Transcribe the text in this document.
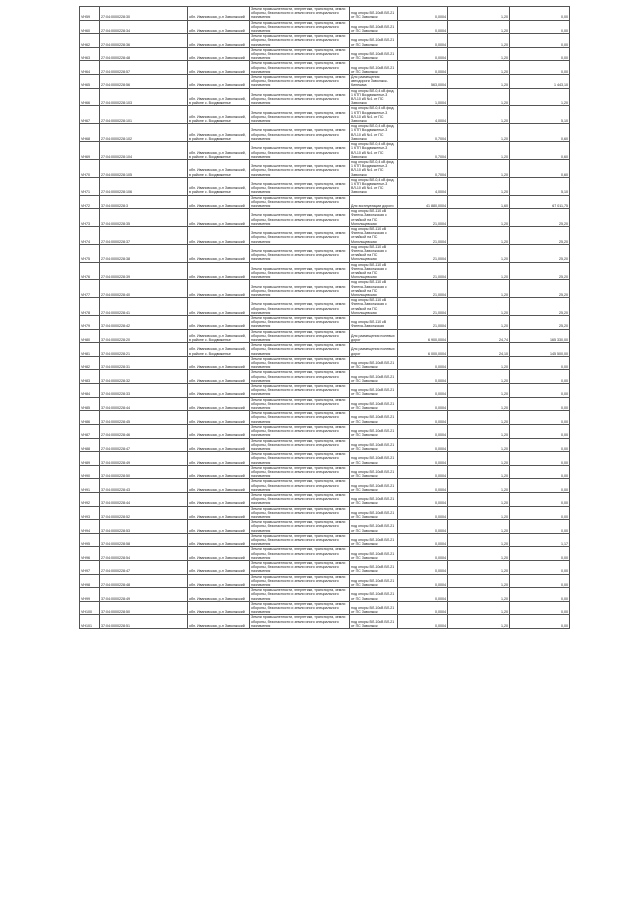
VH59	27:04:0000228:30	обл. Ивановская, р-н Заволжский	Земли промышленности, энергетики, транспорта, земли обороны, безопасности и земли иного специального назначения	под опоры ВЛ-10кВ ВЛ-21 от ПС Заволжск	0,0004	1,20	0,00
VH60	27:04:0000228:34	обл. Ивановская, р-н Заволжский	Земли промышленности, энергетики, транспорта, земли обороны, безопасности и земли иного специального назначения	под опоры ВЛ-10кВ ВЛ-21 от ПС Заволжск	0,0004	1,20	0,00
VH62	27:04:0000228:36	обл. Ивановская, р-н Заволжский	Земли промышленности, энергетики, транспорта, земли обороны, безопасности и земли иного специального назначения	под опоры ВЛ-10кВ ВЛ-21 от ПС Заволжск	0,0004	1,20	0,00
VH63	27:04:0000228:48	обл. Ивановская, р-н Заволжский	Земли промышленности, энергетики, транспорта, земли обороны, безопасности и земли иного специального назначения	под опоры ВЛ-10кВ ВЛ-21 от ПС Заволжск	0,0004	1,20	0,00
VH64	27:04:0000228:57	обл. Ивановская, р-н Заволжский	Земли промышленности, энергетики, транспорта, земли обороны, безопасности и земли иного специального назначения	под опоры ВЛ-10кВ ВЛ-21 от ПС Заволжск	0,0004	1,20	0,00
VH65	27:04:0000228:56	обл. Ивановская, р-н Заволжский	Земли промышленности, энергетики, транспорта, земли обороны, безопасности и земли иного специального назначения	Для размещения автодороги Заволжск-Кинешма	563,0004	1,20	1 443,10
VH66	27:04:0000228:103	обл. Ивановская, р-н Заволжский, в районе с. Воздвиженье	Земли промышленности, энергетики, транспорта, земли обороны, безопасности и земли иного специального назначения	под опоры ВЛ-0,4 кВ фид. 1 КТП Воздвиженье-3 ВЛ-10 кВ №1 от ПС Заволжск	1,0004	1,20	1,20
VH67	27:04:0000228:101	обл. Ивановская, р-н Заволжский, в районе с. Воздвиженье	Земли промышленности, энергетики, транспорта, земли обороны, безопасности и земли иного специального назначения	под опоры ВЛ-0,4 кВ фид. 1 КТП Воздвиженье-3 ВЛ-10 кВ №1 от ПС Заволжск	4,0004	1,20	5,10
VH68	27:04:0000228:102	обл. Ивановская, р-н Заволжский, в районе с. Воздвиженье	Земли промышленности, энергетики, транспорта, земли обороны, безопасности и земли иного специального назначения	под опоры ВЛ-0,4 кВ фид. 1 КТП Воздвиженье-3 ВЛ-10 кВ №1 от ПС Заволжск	0,7004	1,20	0,60
VH69	27:04:0000228:104	обл. Ивановская, р-н Заволжский, в районе с. Воздвиженье	Земли промышленности, энергетики, транспорта, земли обороны, безопасности и земли иного специального назначения	под опоры ВЛ-0,4 кВ фид. 1 КТП Воздвиженье-3 ВЛ-10 кВ №1 от ПС Заволжск	0,7004	1,20	0,60
VH70	27:04:0000228:105	обл. Ивановская, р-н Заволжский, в районе с. Воздвиженье	Земли промышленности, энергетики, транспорта, земли обороны, безопасности и земли иного специального назначения	под опоры ВЛ-0,4 кВ фид. 1 КТП Воздвиженье-3 ВЛ-10 кВ №1 от ПС Заволжск	0,7004	1,20	0,60
VH71	27:04:0000228:106	обл. Ивановская, р-н Заволжский, в районе с. Воздвиженье	Земли промышленности, энергетики, транспорта, земли обороны, безопасности и земли иного специального назначения	под опоры ВЛ-0,4 кВ фид. 1 КТП Воздвиженье-3 ВЛ-10 кВ №1 от ПС Заволжск	4,0004	1,20	5,10
VH72	37:04:0000228:3	обл. Ивановская, р-н Заволжский	Земли промышленности, энергетики, транспорта, земли обороны, безопасности и земли иного специального назначения	Для эксплуатации дороги	41 880,0004	1,60	67 011,75
VH73	37:04:0000228:35	обл. Ивановская, р-н Заволжский	Земли промышленности, энергетики, транспорта, земли обороны, безопасности и земли иного специального назначения	под опоры ВЛ-110 кВ Фатеха-Заволжская с отпайкой на ПС Могильцевская	21,0004	1,20	25,20
VH74	27:04:0000228:37	обл. Ивановская, р-н Заволжский	Земли промышленности, энергетики, транспорта, земли обороны, безопасности и земли иного специального назначения	под опоры ВЛ-110 кВ Фатеха-Заволжская с отпайкой на ПС Могильцевская	21,0004	1,20	25,20
VH75	27:04:0000228:38	обл. Ивановская, р-н Заволжский	Земли промышленности, энергетики, транспорта, земли обороны, безопасности и земли иного специального назначения	под опоры ВЛ-110 кВ Фатеха-Заволжская с отпайкой на ПС Могильцевская	21,0004	1,20	25,20
VH76	27:04:0000228:39	обл. Ивановская, р-н Заволжский	Земли промышленности, энергетики, транспорта, земли обороны, безопасности и земли иного специального назначения	под опоры ВЛ-110 кВ Фатеха-Заволжская с отпайкой на ПС Могильцевская	21,0004	1,20	25,20
VH77	27:04:0000228:40	обл. Ивановская, р-н Заволжский	Земли промышленности, энергетики, транспорта, земли обороны, безопасности и земли иного специального назначения	под опоры ВЛ-110 кВ Фатеха-Заволжская с отпайкой на ПС Могильцевская	21,0004	1,20	25,20
VH78	27:04:0000228:41	обл. Ивановская, р-н Заволжский	Земли промышленности, энергетики, транспорта, земли обороны, безопасности и земли иного специального назначения	под опоры ВЛ-110 кВ Фатеха-Заволжская с отпайкой на ПС Могильцевская	21,0004	1,20	25,20
VH79	37:04:0000228:42	обл. Ивановская, р-н Заволжский	Земли промышленности, энергетики, транспорта, земли обороны, безопасности и земли иного специального назначения	под опоры ВЛ-110 кВ Фатеха-Заволжская	21,0004	1,20	25,20
VH80	37:04:0000228:20	обл. Ивановская, р-н Заволжский, в районе с. Воздвиженье	Земли промышленности, энергетики, транспорта, земли обороны, безопасности и земли иного специального назначения	Для размещения полевых дорог	6 900,0004	24,74	165 330,00
VH81	37:04:0000228:21	обл. Ивановская, р-н Заволжский, в районе с. Воздвиженье	Земли промышленности, энергетики, транспорта, земли обороны, безопасности и земли иного специального назначения	Для размещения полевых дорог	6 000,0004	24,10	145 500,00
VH82	37:04:0000228:31	обл. Ивановская, р-н Заволжский	Земли промышленности, энергетики, транспорта, земли обороны, безопасности и земли иного специального назначения	под опоры ВЛ-10кВ ВЛ-21 от ПС Заволжск	0,0004	1,20	0,00
VH83	37:04:0000228:32	обл. Ивановская, р-н Заволжский	Земли промышленности, энергетики, транспорта, земли обороны, безопасности и земли иного специального назначения	под опоры ВЛ-10кВ ВЛ-21 от ПС Заволжск	0,0004	1,20	0,00
VH84	37:04:0000228:33	обл. Ивановская, р-н Заволжский	Земли промышленности, энергетики, транспорта, земли обороны, безопасности и земли иного специального назначения	под опоры ВЛ-10кВ ВЛ-21 от ПС Заволжск	0,0004	1,20	0,00
VH85	37:04:0000228:44	обл. Ивановская, р-н Заволжский	Земли промышленности, энергетики, транспорта, земли обороны, безопасности и земли иного специального назначения	под опоры ВЛ-10кВ ВЛ-21 от ПС Заволжск	0,0004	1,20	0,00
VH86	37:04:0000228:45	обл. Ивановская, р-н Заволжский	Земли промышленности, энергетики, транспорта, земли обороны, безопасности и земли иного специального назначения	под опоры ВЛ-10кВ ВЛ-21 от ПС Заволжск	0,0004	1,20	0,00
VH87	27:04:0000228:46	обл. Ивановская, р-н Заволжский	Земли промышленности, энергетики, транспорта, земли обороны, безопасности и земли иного специального назначения	под опоры ВЛ-10кВ ВЛ-21 от ПС Заволжск	0,0004	1,20	0,00
VH88	27:04:0000228:47	обл. Ивановская, р-н Заволжский	Земли промышленности, энергетики, транспорта, земли обороны, безопасности и земли иного специального назначения	под опоры ВЛ-10кВ ВЛ-21 от ПС Заволжск	0,0004	1,20	0,00
VH89	37:04:0000228:49	обл. Ивановская, р-н Заволжский	Земли промышленности, энергетики, транспорта, земли обороны, безопасности и земли иного специального назначения	под опоры ВЛ-10кВ ВЛ-21 от ПС Заволжск	0,0004	1,20	0,00
VH90	37:04:0000228:50	обл. Ивановская, р-н Заволжский	Земли промышленности, энергетики, транспорта, земли обороны, безопасности и земли иного специального назначения	под опоры ВЛ-10кВ ВЛ-21 от ПС Заволжск	0,0004	1,20	0,00
VH91	37:04:0000228:43	обл. Ивановская, р-н Заволжский	Земли промышленности, энергетики, транспорта, земли обороны, безопасности и земли иного специального назначения	под опоры ВЛ-10кВ ВЛ-21 от ПС Заволжск	0,0004	1,20	0,00
VH92	37:04:0000228:44	обл. Ивановская, р-н Заволжский	Земли промышленности, энергетики, транспорта, земли обороны, безопасности и земли иного специального назначения	под опоры ВЛ-10кВ ВЛ-21 от ПС Заволжск	0,0004	1,20	0,00
VH93	37:04:0000228:52	обл. Ивановская, р-н Заволжский	Земли промышленности, энергетики, транспорта, земли обороны, безопасности и земли иного специального назначения	под опоры ВЛ-10кВ ВЛ-21 от ПС Заволжск	0,0004	1,20	0,00
VH94	37:04:0000228:53	обл. Ивановская, р-н Заволжский	Земли промышленности, энергетики, транспорта, земли обороны, безопасности и земли иного специального назначения	под опоры ВЛ-10кВ ВЛ-21 от ПС Заволжск	0,0004	1,20	0,00
VH95	37:04:0000228:58	обл. Ивановская, р-н Заволжский	Земли промышленности, энергетики, транспорта, земли обороны, безопасности и земли иного специального назначения	под опоры ВЛ-10кВ ВЛ-21 от ПС Заволжск	0,0004	1,20	1,17
VH96	27:04:0000228:54	обл. Ивановская, р-н Заволжский	Земли промышленности, энергетики, транспорта, земли обороны, безопасности и земли иного специального назначения	под опоры ВЛ-10кВ ВЛ-21 от ПС Заволжск	0,0004	1,20	0,00
VH97	27:04:0000228:47	обл. Ивановская, р-н Заволжский	Земли промышленности, энергетики, транспорта, земли обороны, безопасности и земли иного специального назначения	под опоры ВЛ-10кВ ВЛ-21 от ПС Заволжск	0,0004	1,20	0,00
VH98	27:04:0000228:48	обл. Ивановская, р-н Заволжский	Земли промышленности, энергетики, транспорта, земли обороны, безопасности и земли иного специального назначения	под опоры ВЛ-10кВ ВЛ-21 от ПС Заволжск	0,0004	1,20	0,00
VH99	37:04:0000228:49	обл. Ивановская, р-н Заволжский	Земли промышленности, энергетики, транспорта, земли обороны, безопасности и земли иного специального назначения	под опоры ВЛ-10кВ ВЛ-21 от ПС Заволжск	0,0004	1,20	0,00
VH100	37:04:0000228:50	обл. Ивановская, р-н Заволжский	Земли промышленности, энергетики, транспорта, земли обороны, безопасности и земли иного специального назначения	под опоры ВЛ-10кВ ВЛ-21 от ПС Заволжск	0,0004	1,20	0,00
VH101	37:04:0000228:51	обл. Ивановская, р-н Заволжский	Земли промышленности, энергетики, транспорта, земли обороны, безопасности и земли иного специального назначения	под опоры ВЛ-10кВ ВЛ-21 от ПС Заволжск	0,0004	1,20	0,00
